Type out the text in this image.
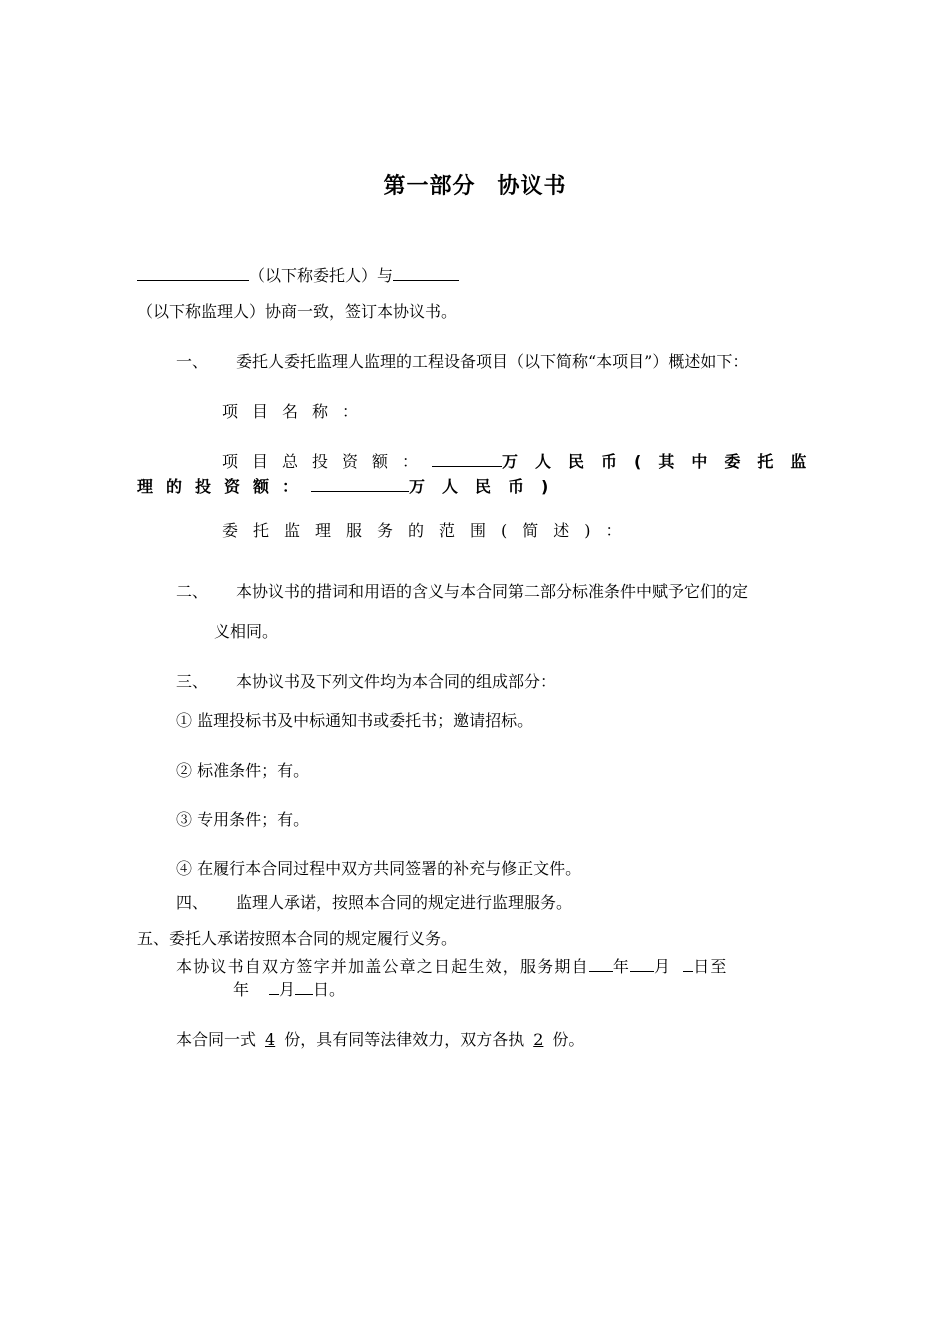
第一部分 协议书
（以下称委托人）与
（以下称监理人）协商一致，签订本协议书。
一、 委托人委托监理人监理的工程设备项目（以下简称“本项目”）概述如下：
项目名称：
项目总投资额：	万人民币(其中委托监
理的投资额：	万人民币)
委托监理服务的范围(简述)：
二、 本协议书的措词和用语的含义与本合同第二部分标准条件中赋予它们的定
义相同。
三、 本协议书及下列文件均为本合同的组成部分：
① 监理投标书及中标通知书或委托书；邀请招标。
② 标准条件；有。
③ 专用条件；有。
④ 在履行本合同过程中双方共同签署的补充与修正文件。
四、 监理人承诺，按照本合同的规定进行监理服务。
五、委托人承诺按照本合同的规定履行义务。
本协议书自双方签字并加盖公章之日起生效，服务期自 年 月 日至
年 月 日。
本合同一式 4 份，具有同等法律效力，双方各执 2 份。
